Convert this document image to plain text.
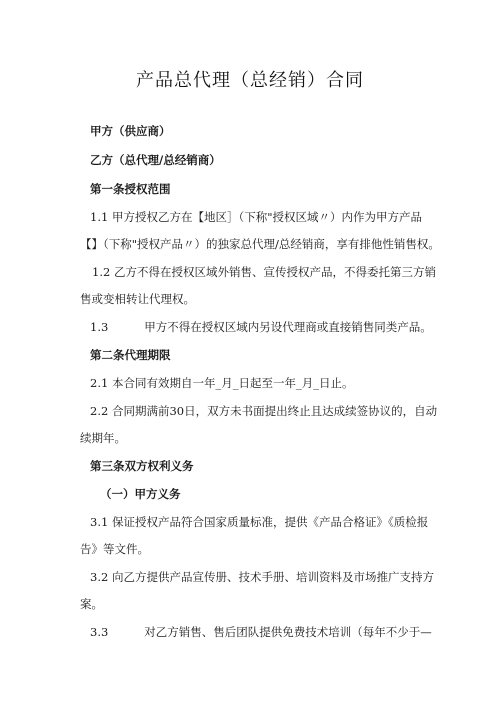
产品总代理（总经销）合同
甲方（供应商）
乙方（总代理/总经销商）
第一条授权范围
1.1 甲方授权乙方在【地区］（下称"授权区域〃）内作为甲方产品
【】（下称"授权产品〃）的独家总代理/总经销商，享有排他性销售权。
1.2 乙方不得在授权区域外销售、宣传授权产品，不得委托第三方销
售或变相转让代理权。
1.3	甲方不得在授权区域内另设代理商或直接销售同类产品。
第二条代理期限
2.1 本合同有效期自一年_月_日起至一年_月_日止。
2.2 合同期满前30日，双方未书面提出终止且达成续签协议的，自动
续期年。
第三条双方权利义务
（一）甲方义务
3.1 保证授权产品符合国家质量标准，提供《产品合格证》《质检报
告》等文件。
3.2 向乙方提供产品宣传册、技术手册、培训资料及市场推广支持方
案。
3.3	对乙方销售、售后团队提供免费技术培训（每年不少于—
